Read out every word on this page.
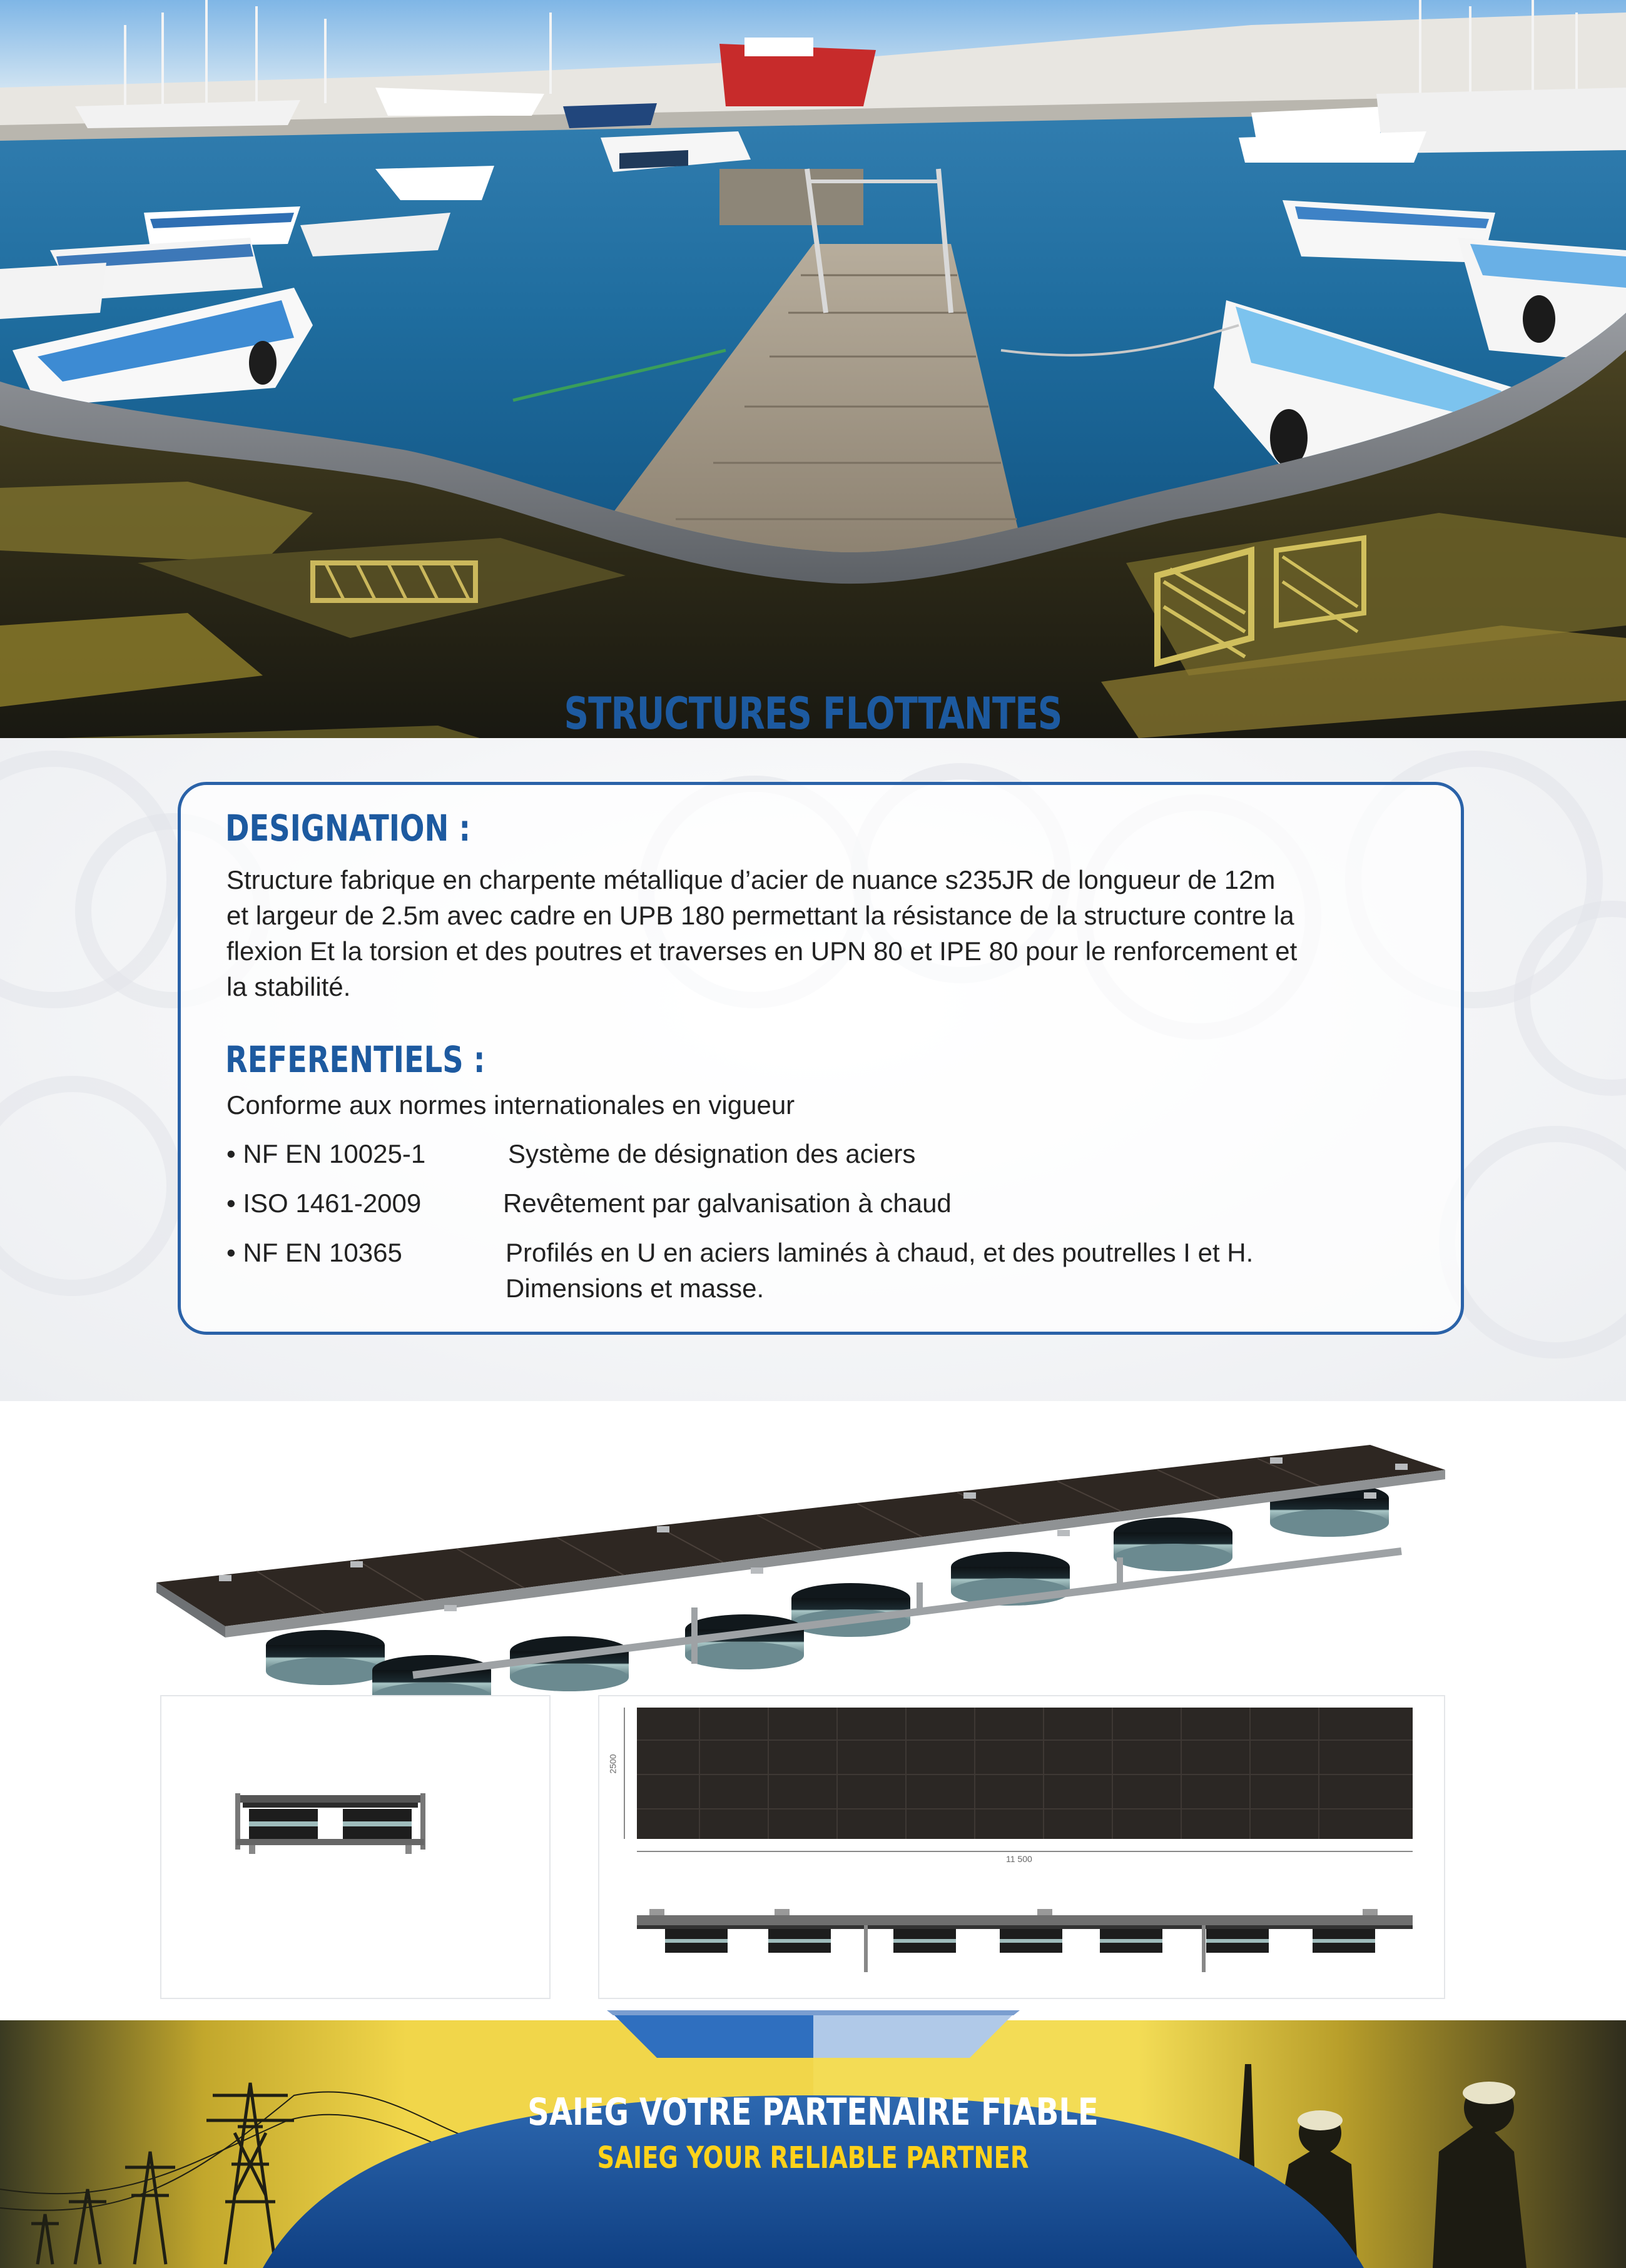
STRUCTURES FLOTTANTES
DESIGNATION :
Structure fabrique en charpente métallique d’acier de nuance s235JR de longueur de 12m
et largeur de 2.5m avec cadre en UPB 180 permettant la résistance de la structure contre la
flexion Et la torsion et des poutres et traverses en UPN 80 et IPE 80 pour le renforcement et
la stabilité.
REFERENTIELS :
Conforme aux normes internationales en vigueur
• NF EN 10025-1	Système de désignation des aciers
• ISO 1461-2009	Revêtement par galvanisation à chaud
• NF EN 10365	Profilés en U en aciers laminés à chaud, et des poutrelles I et H.
Dimensions et masse.
2500
11 500
SAIEG VOTRE PARTENAIRE FIABLE
SAIEG YOUR RELIABLE PARTNER
